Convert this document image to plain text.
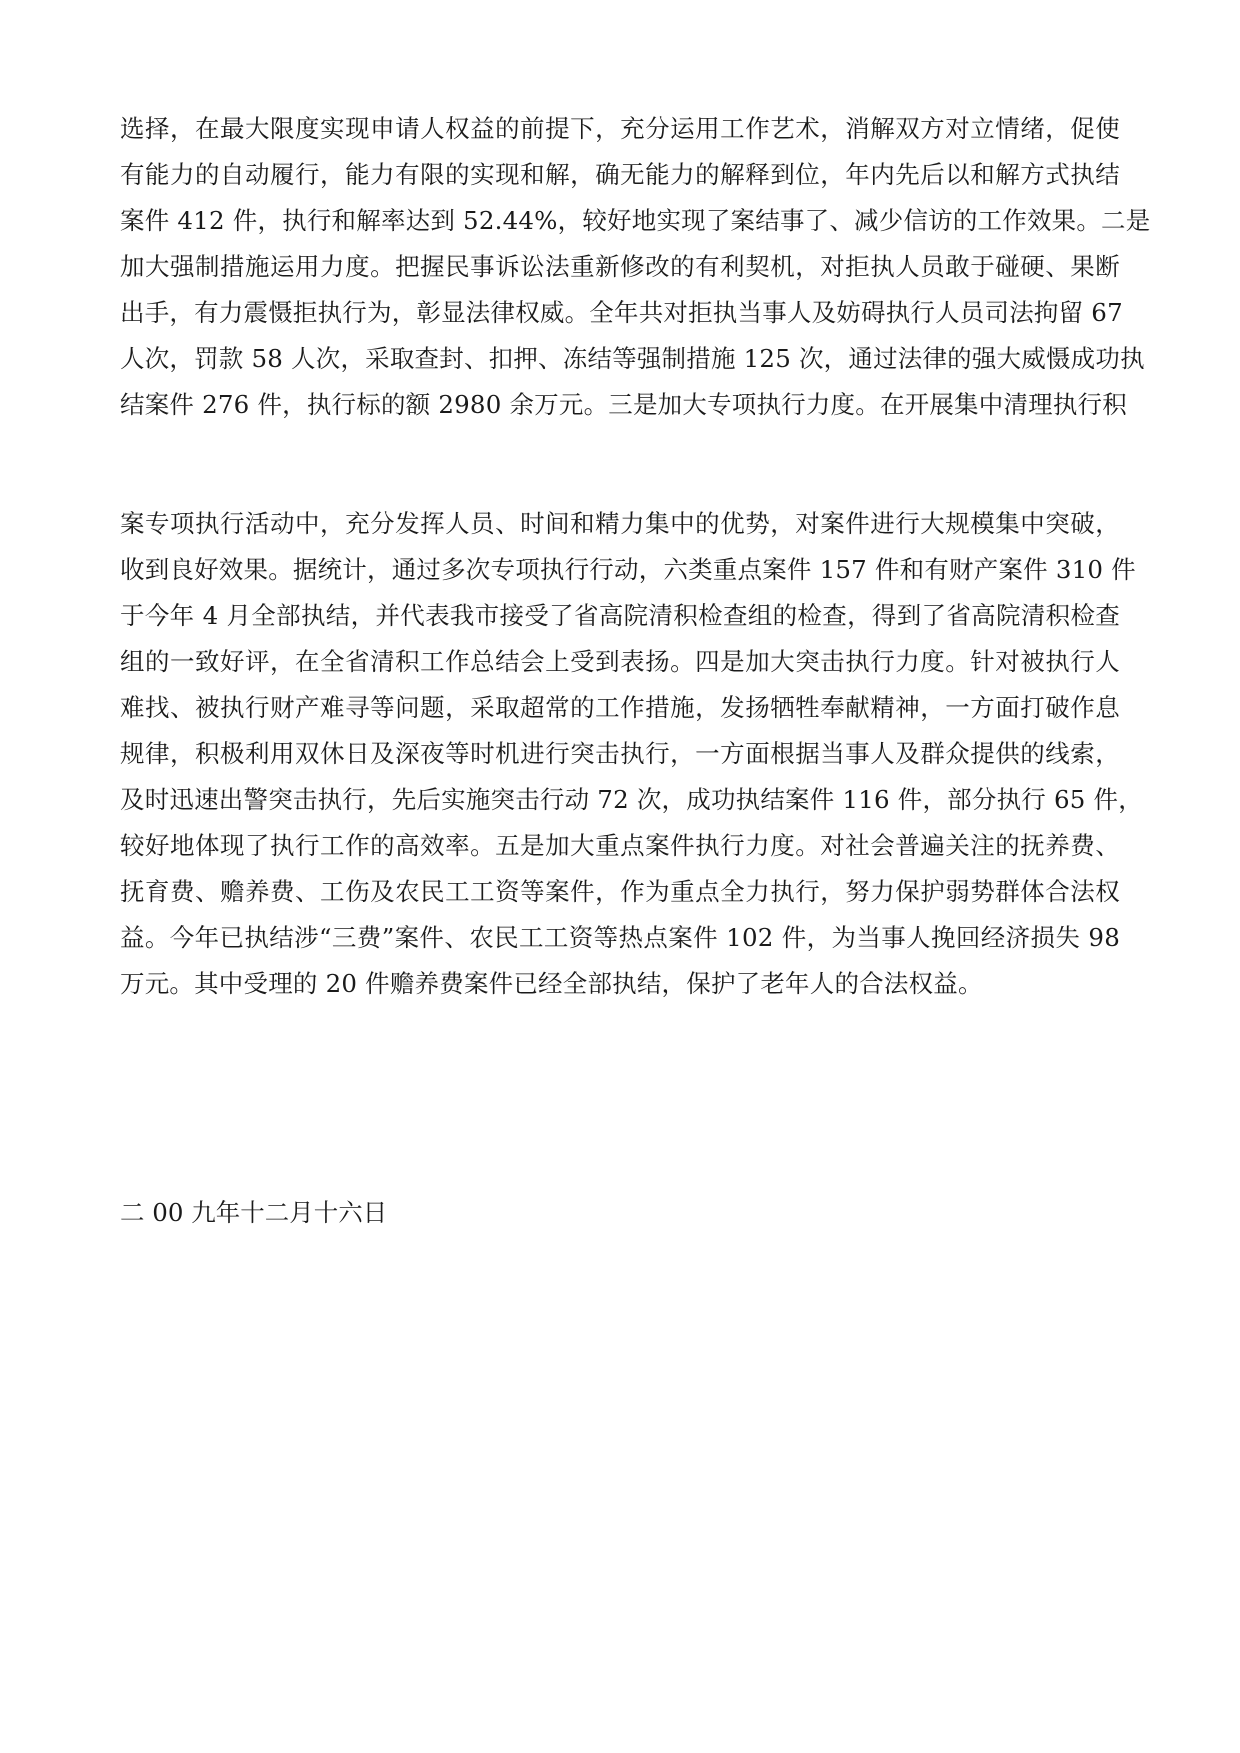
选择，在最大限度实现申请人权益的前提下，充分运用工作艺术，消解双方对立情绪，促使
有能力的自动履行，能力有限的实现和解，确无能力的解释到位，年内先后以和解方式执结
案件 412 件，执行和解率达到 52.44%，较好地实现了案结事了、减少信访的工作效果。二是
加大强制措施运用力度。把握民事诉讼法重新修改的有利契机，对拒执人员敢于碰硬、果断
出手，有力震慑拒执行为，彰显法律权威。全年共对拒执当事人及妨碍执行人员司法拘留 67
人次，罚款 58 人次，采取查封、扣押、冻结等强制措施 125 次，通过法律的强大威慑成功执
结案件 276 件，执行标的额 2980 余万元。三是加大专项执行力度。在开展集中清理执行积
案专项执行活动中，充分发挥人员、时间和精力集中的优势，对案件进行大规模集中突破，
收到良好效果。据统计，通过多次专项执行行动，六类重点案件 157 件和有财产案件 310 件
于今年 4 月全部执结，并代表我市接受了省高院清积检查组的检查，得到了省高院清积检查
组的一致好评，在全省清积工作总结会上受到表扬。四是加大突击执行力度。针对被执行人
难找、被执行财产难寻等问题，采取超常的工作措施，发扬牺牲奉献精神，一方面打破作息
规律，积极利用双休日及深夜等时机进行突击执行，一方面根据当事人及群众提供的线索，
及时迅速出警突击执行，先后实施突击行动 72 次，成功执结案件 116 件，部分执行 65 件，
较好地体现了执行工作的高效率。五是加大重点案件执行力度。对社会普遍关注的抚养费、
抚育费、赡养费、工伤及农民工工资等案件，作为重点全力执行，努力保护弱势群体合法权
益。今年已执结涉“三费”案件、农民工工资等热点案件 102 件，为当事人挽回经济损失 98
万元。其中受理的 20 件赡养费案件已经全部执结，保护了老年人的合法权益。
二 00 九年十二月十六日
